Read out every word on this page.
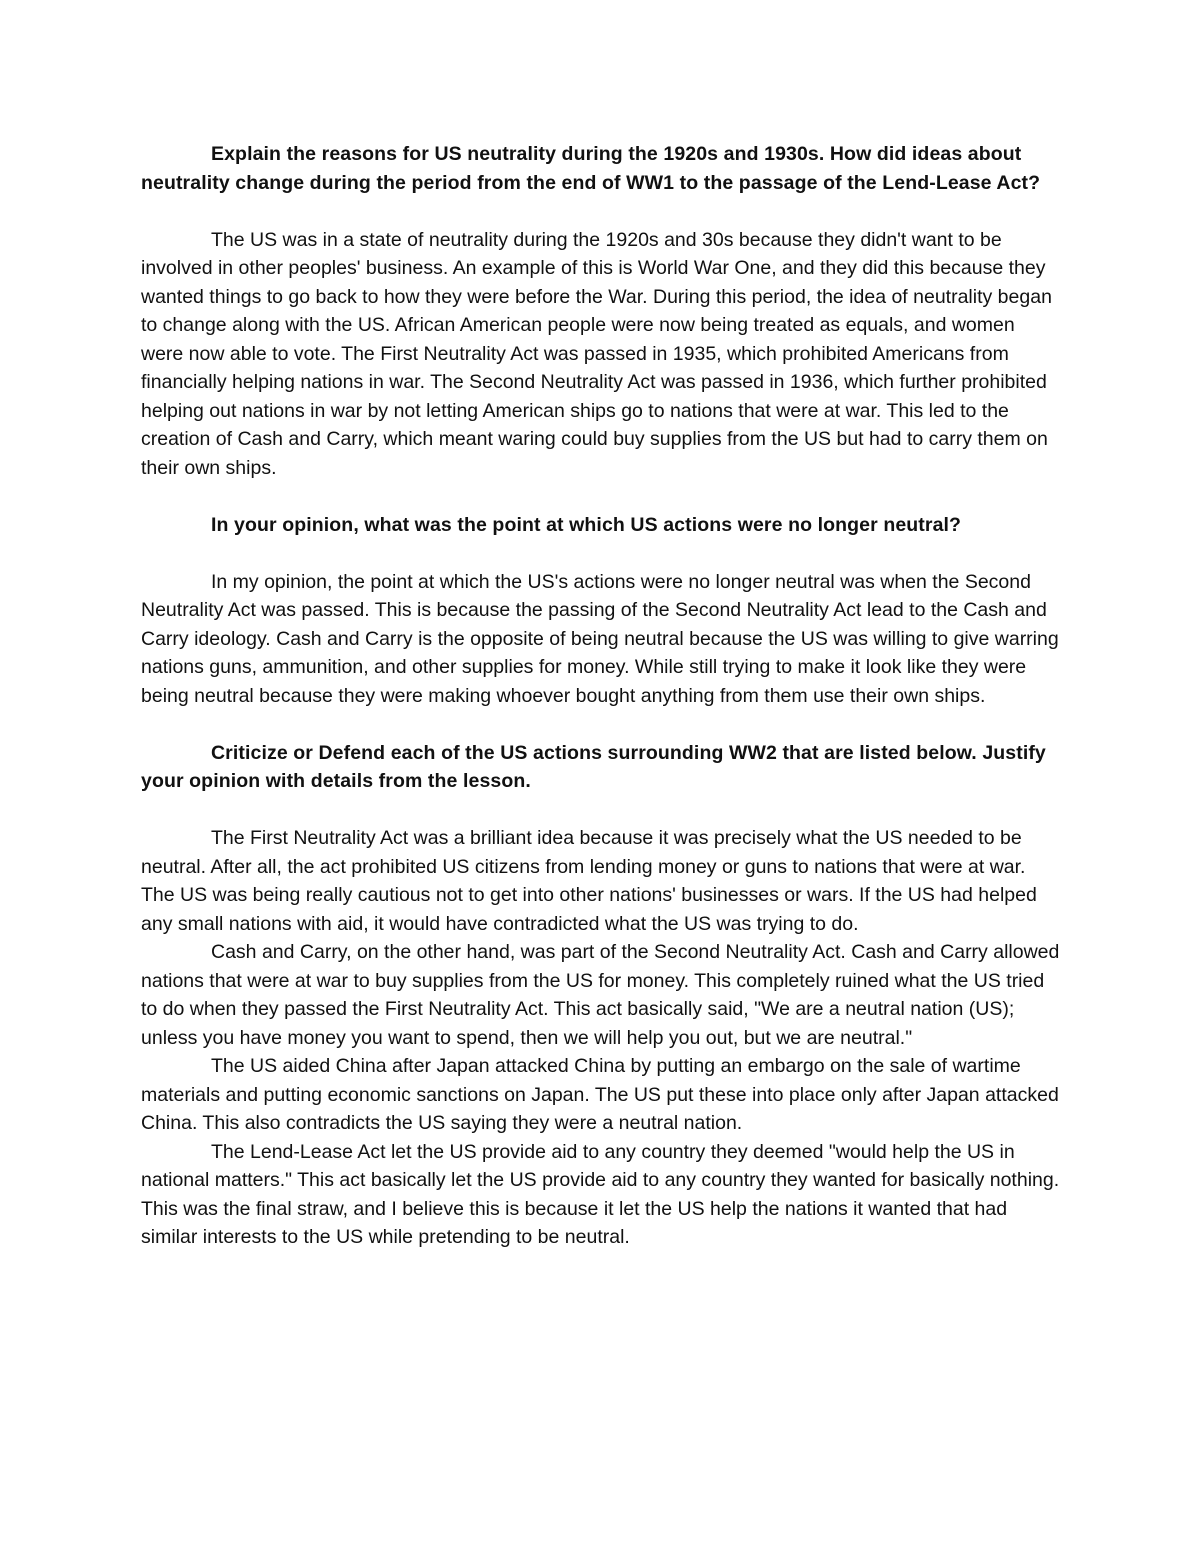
Explain the reasons for US neutrality during the 1920s and 1930s. How did ideas about neutrality change during the period from the end of WW1 to the passage of the Lend-Lease Act?

The US was in a state of neutrality during the 1920s and 30s because they didn't want to be involved in other peoples' business. An example of this is World War One, and they did this because they wanted things to go back to how they were before the War. During this period, the idea of neutrality began to change along with the US. African American people were now being treated as equals, and women were now able to vote. The First Neutrality Act was passed in 1935, which prohibited Americans from financially helping nations in war. The Second Neutrality Act was passed in 1936, which further prohibited helping out nations in war by not letting American ships go to nations that were at war. This led to the creation of Cash and Carry, which meant waring could buy supplies from the US but had to carry them on their own ships.

In your opinion, what was the point at which US actions were no longer neutral?

In my opinion, the point at which the US's actions were no longer neutral was when the Second Neutrality Act was passed. This is because the passing of the Second Neutrality Act lead to the Cash and Carry ideology. Cash and Carry is the opposite of being neutral because the US was willing to give warring nations guns, ammunition, and other supplies for money. While still trying to make it look like they were being neutral because they were making whoever bought anything from them use their own ships.

Criticize or Defend each of the US actions surrounding WW2 that are listed below. Justify your opinion with details from the lesson.

The First Neutrality Act was a brilliant idea because it was precisely what the US needed to be neutral. After all, the act prohibited US citizens from lending money or guns to nations that were at war. The US was being really cautious not to get into other nations' businesses or wars. If the US had helped any small nations with aid, it would have contradicted what the US was trying to do.

Cash and Carry, on the other hand, was part of the Second Neutrality Act. Cash and Carry allowed nations that were at war to buy supplies from the US for money. This completely ruined what the US tried to do when they passed the First Neutrality Act. This act basically said, "We are a neutral nation (US); unless you have money you want to spend, then we will help you out, but we are neutral."

The US aided China after Japan attacked China by putting an embargo on the sale of wartime materials and putting economic sanctions on Japan. The US put these into place only after Japan attacked China. This also contradicts the US saying they were a neutral nation.

The Lend-Lease Act let the US provide aid to any country they deemed "would help the US in national matters." This act basically let the US provide aid to any country they wanted for basically nothing. This was the final straw, and I believe this is because it let the US help the nations it wanted that had similar interests to the US while pretending to be neutral.
